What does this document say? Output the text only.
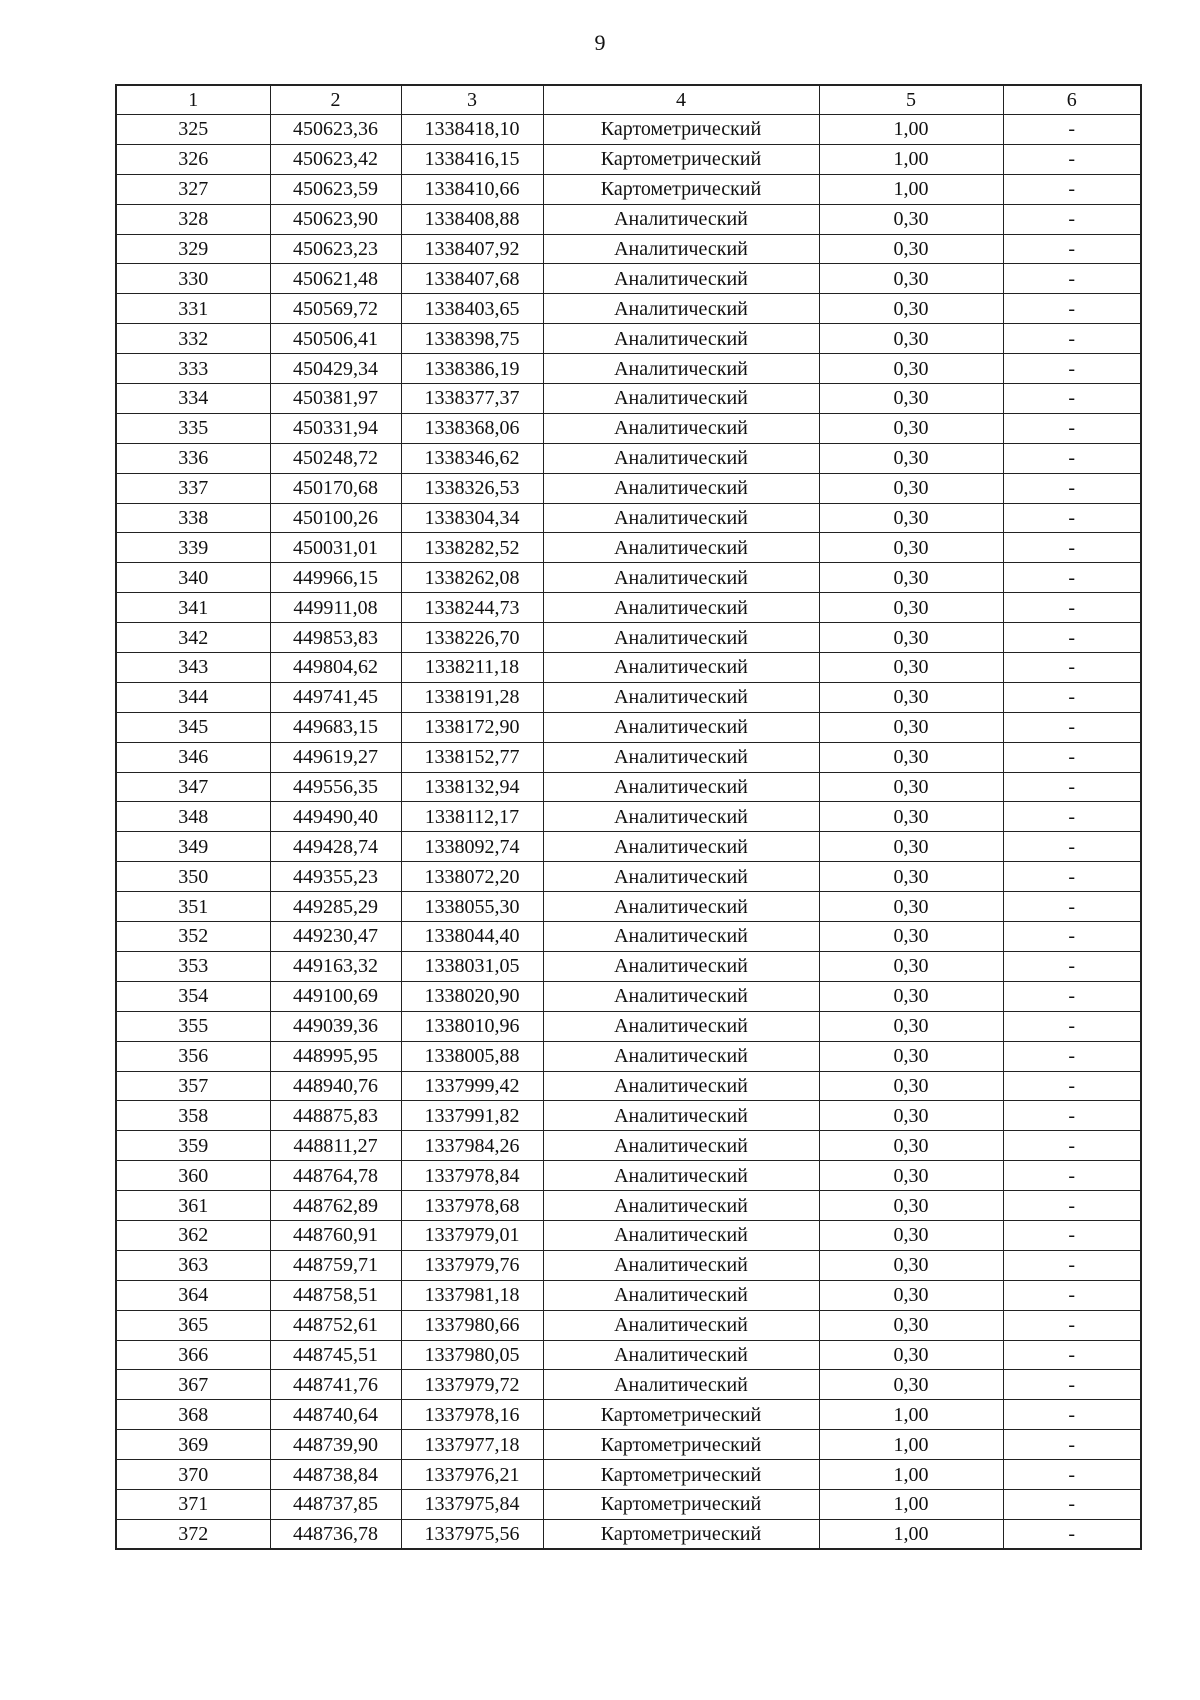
9
1	2	3	4	5	6
325	450623,36	1338418,10	Картометрический	1,00	-
326	450623,42	1338416,15	Картометрический	1,00	-
327	450623,59	1338410,66	Картометрический	1,00	-
328	450623,90	1338408,88	Аналитический	0,30	-
329	450623,23	1338407,92	Аналитический	0,30	-
330	450621,48	1338407,68	Аналитический	0,30	-
331	450569,72	1338403,65	Аналитический	0,30	-
332	450506,41	1338398,75	Аналитический	0,30	-
333	450429,34	1338386,19	Аналитический	0,30	-
334	450381,97	1338377,37	Аналитический	0,30	-
335	450331,94	1338368,06	Аналитический	0,30	-
336	450248,72	1338346,62	Аналитический	0,30	-
337	450170,68	1338326,53	Аналитический	0,30	-
338	450100,26	1338304,34	Аналитический	0,30	-
339	450031,01	1338282,52	Аналитический	0,30	-
340	449966,15	1338262,08	Аналитический	0,30	-
341	449911,08	1338244,73	Аналитический	0,30	-
342	449853,83	1338226,70	Аналитический	0,30	-
343	449804,62	1338211,18	Аналитический	0,30	-
344	449741,45	1338191,28	Аналитический	0,30	-
345	449683,15	1338172,90	Аналитический	0,30	-
346	449619,27	1338152,77	Аналитический	0,30	-
347	449556,35	1338132,94	Аналитический	0,30	-
348	449490,40	1338112,17	Аналитический	0,30	-
349	449428,74	1338092,74	Аналитический	0,30	-
350	449355,23	1338072,20	Аналитический	0,30	-
351	449285,29	1338055,30	Аналитический	0,30	-
352	449230,47	1338044,40	Аналитический	0,30	-
353	449163,32	1338031,05	Аналитический	0,30	-
354	449100,69	1338020,90	Аналитический	0,30	-
355	449039,36	1338010,96	Аналитический	0,30	-
356	448995,95	1338005,88	Аналитический	0,30	-
357	448940,76	1337999,42	Аналитический	0,30	-
358	448875,83	1337991,82	Аналитический	0,30	-
359	448811,27	1337984,26	Аналитический	0,30	-
360	448764,78	1337978,84	Аналитический	0,30	-
361	448762,89	1337978,68	Аналитический	0,30	-
362	448760,91	1337979,01	Аналитический	0,30	-
363	448759,71	1337979,76	Аналитический	0,30	-
364	448758,51	1337981,18	Аналитический	0,30	-
365	448752,61	1337980,66	Аналитический	0,30	-
366	448745,51	1337980,05	Аналитический	0,30	-
367	448741,76	1337979,72	Аналитический	0,30	-
368	448740,64	1337978,16	Картометрический	1,00	-
369	448739,90	1337977,18	Картометрический	1,00	-
370	448738,84	1337976,21	Картометрический	1,00	-
371	448737,85	1337975,84	Картометрический	1,00	-
372	448736,78	1337975,56	Картометрический	1,00	-
